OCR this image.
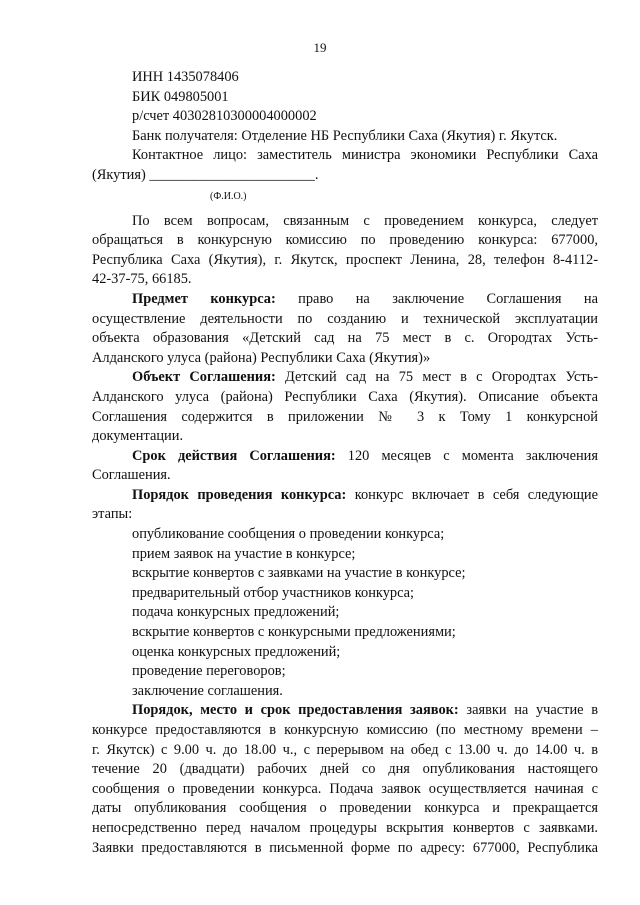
19
ИНН 1435078406
БИК 049805001
р/счет 40302810300004000002
Банк получателя: Отделение НБ Республики Саха (Якутия) г. Якутск.
Контактное лицо: заместитель министра экономики Республики Саха
(Якутия) _______________________.
(Ф.И.О.)
По всем вопросам, связанным с проведением конкурса, следует
обращаться в конкурсную комиссию по проведению конкурса: 677000,
Республика Саха (Якутия), г. Якутск, проспект Ленина, 28, телефон 8-4112-
42-37-75, 66185.
Предмет конкурса: право на заключение Соглашения на
осуществление деятельности по созданию и технической эксплуатации
объекта образования «Детский сад на 75 мест в с. Огородтах Усть-
Алданского улуса (района) Республики Саха (Якутия)»
Объект Соглашения: Детский сад на 75 мест в с Огородтах Усть-
Алданского улуса (района) Республики Саха (Якутия). Описание объекта
Соглашения содержится в приложении № 3 к Тому 1 конкурсной
документации.
Срок действия Соглашения: 120 месяцев с момента заключения
Соглашения.
Порядок проведения конкурса: конкурс включает в себя следующие
этапы:
опубликование сообщения о проведении конкурса;
прием заявок на участие в конкурсе;
вскрытие конвертов с заявками на участие в конкурсе;
предварительный отбор участников конкурса;
подача конкурсных предложений;
вскрытие конвертов с конкурсными предложениями;
оценка конкурсных предложений;
проведение переговоров;
заключение соглашения.
Порядок, место и срок предоставления заявок: заявки на участие в
конкурсе предоставляются в конкурсную комиссию (по местному времени –
г. Якутск) с 9.00 ч. до 18.00 ч., с перерывом на обед с 13.00 ч. до 14.00 ч. в
течение 20 (двадцати) рабочих дней со дня опубликования настоящего
сообщения о проведении конкурса. Подача заявок осуществляется начиная с
даты опубликования сообщения о проведении конкурса и прекращается
непосредственно перед началом процедуры вскрытия конвертов с заявками.
Заявки предоставляются в письменной форме по адресу: 677000, Республика
